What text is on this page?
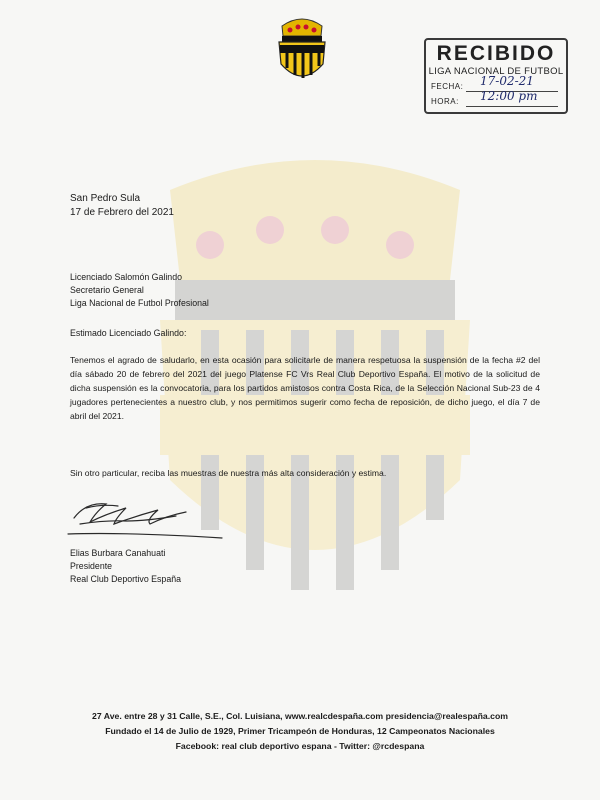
RECIBIDO
LIGA NACIONAL DE FUTBOL
FECHA: 17-02-21
HORA: 12:00 pm
San Pedro Sula
17 de Febrero del 2021
Licenciado Salomón Galindo
Secretario General
Liga Nacional de Futbol Profesional
Estimado Licenciado Galindo:
Tenemos el agrado de saludarlo, en esta ocasión para solicitarle de manera respetuosa la suspensión de la fecha #2 del día sábado 20 de febrero del 2021 del juego Platense FC Vrs Real Club Deportivo España. El motivo de la solicitud de dicha suspensión es la convocatoria, para los partidos amistosos contra Costa Rica, de la Selección Nacional Sub-23 de 4 jugadores pertenecientes a nuestro club, y nos permitimos sugerir como fecha de reposición, de dicho juego, el día 7 de abril del 2021.
Sin otro particular, reciba las muestras de nuestra más alta consideración y estima.
Elias Burbara Canahuati
Presidente
Real Club Deportivo España
27 Ave. entre 28 y 31 Calle, S.E., Col. Luisiana, www.realcdespaña.com presidencia@realespaña.com
Fundado el 14 de Julio de 1929, Primer Tricampeón de Honduras, 12 Campeonatos Nacionales
Facebook: real club deportivo espana - Twitter: @rcdespana
